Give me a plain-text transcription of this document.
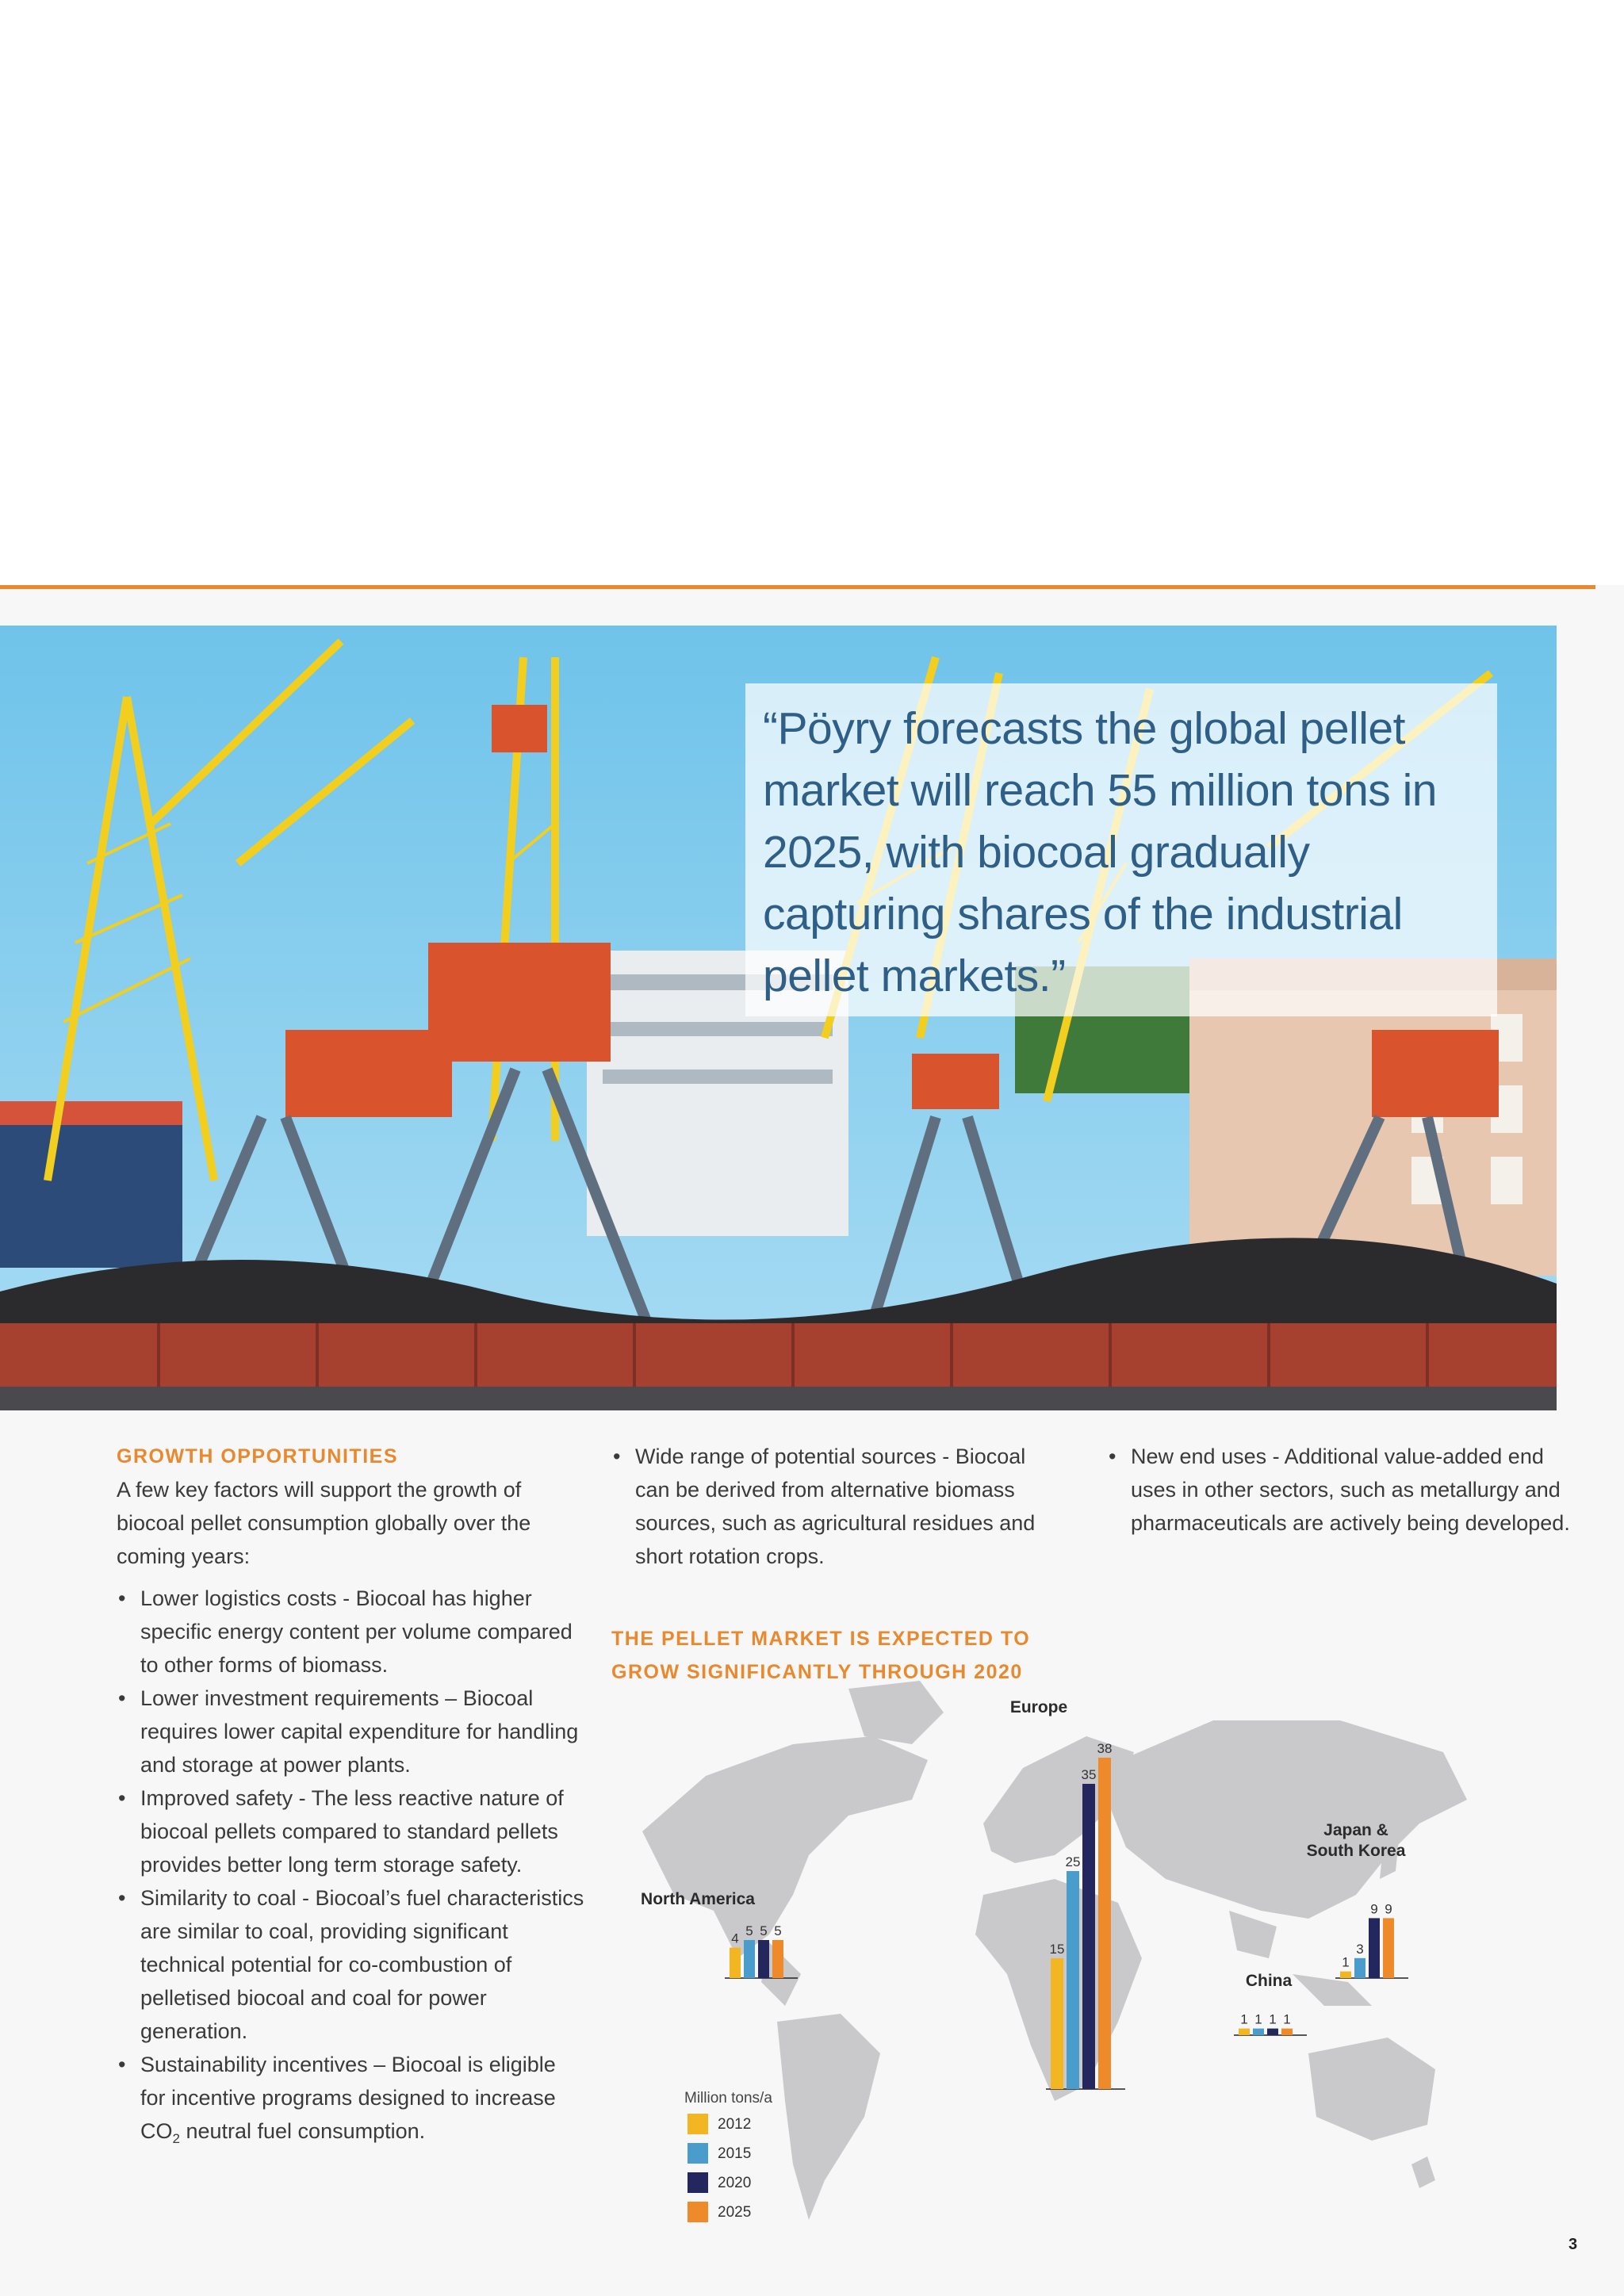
“Pöyry forecasts the global pellet market will reach 55 million tons in 2025, with biocoal gradually capturing shares of the industrial pellet markets.”
GROWTH OPPORTUNITIES
A few key factors will support the growth of biocoal pellet consumption globally over the coming years:
• Lower logistics costs - Biocoal has higher specific energy content per volume compared to other forms of biomass.
• Lower investment requirements – Biocoal requires lower capital expenditure for handling and storage at power plants.
• Improved safety - The less reactive nature of biocoal pellets compared to standard pellets provides better long term storage safety.
• Similarity to coal - Biocoal’s fuel characteristics are similar to coal, providing significant technical potential for co-combustion of pelletised biocoal and coal for power generation.
• Sustainability incentives – Biocoal is eligible for incentive programs designed to increase $CO_2$ neutral fuel consumption.
• Wide range of potential sources - Biocoal can be derived from alternative biomass sources, such as agricultural residues and short rotation crops.
THE PELLET MARKET IS EXPECTED TO
GROW SIGNIFICANTLY THROUGH 2020
• New end uses - Additional value-added end uses in other sectors, such as metallurgy and pharmaceuticals are actively being developed.
4
5 5 5
North America
15
25
35
38
Europe
1
3
9 9
Japan &
South Korea
1 1 1 1
China
Million tons/a
2012
2015
2020
2025
3
